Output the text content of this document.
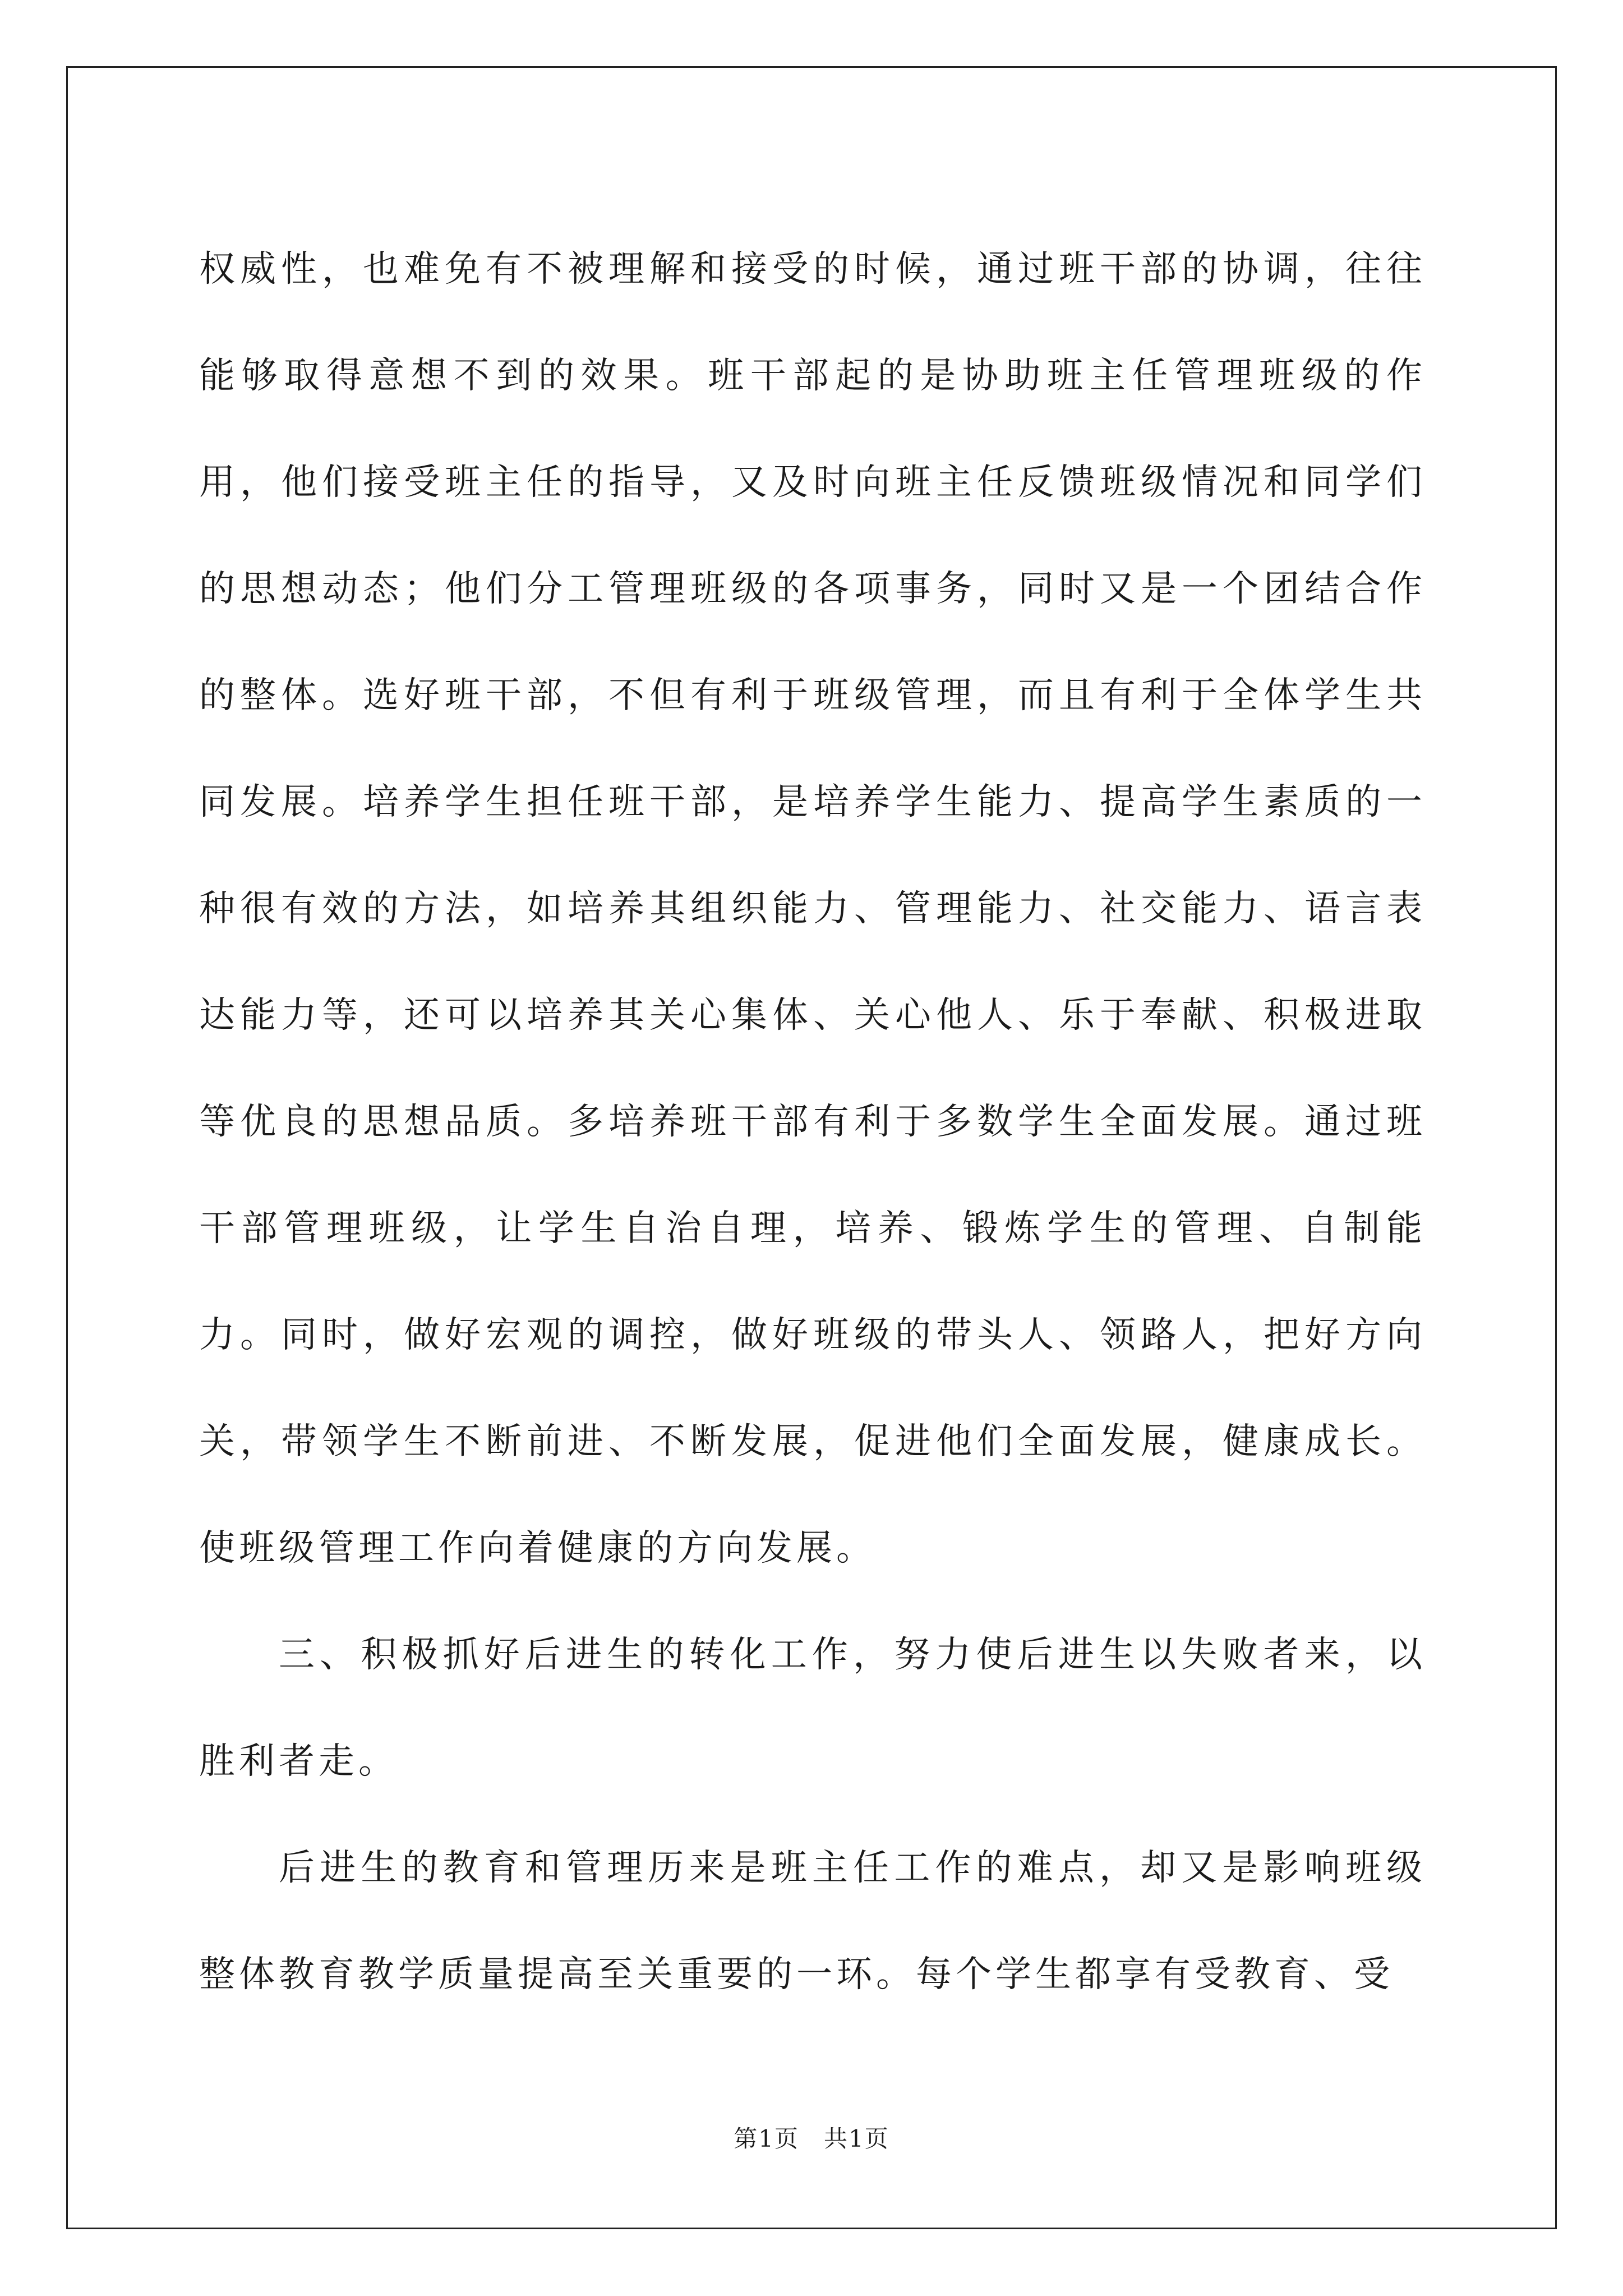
权威性，也难免有不被理解和接受的时候，通过班干部的协调，往往能够取得意想不到的效果。班干部起的是协助班主任管理班级的作用，他们接受班主任的指导，又及时向班主任反馈班级情况和同学们的思想动态；他们分工管理班级的各项事务，同时又是一个团结合作的整体。选好班干部，不但有利于班级管理，而且有利于全体学生共同发展。培养学生担任班干部，是培养学生能力、提高学生素质的一种很有效的方法，如培养其组织能力、管理能力、社交能力、语言表达能力等，还可以培养其关心集体、关心他人、乐于奉献、积极进取等优良的思想品质。多培养班干部有利于多数学生全面发展。通过班干部管理班级，让学生自治自理，培养、锻炼学生的管理、自制能力。同时，做好宏观的调控，做好班级的带头人、领路人，把好方向关，带领学生不断前进、不断发展，促进他们全面发展，健康成长。使班级管理工作向着健康的方向发展。

三、积极抓好后进生的转化工作，努力使后进生以失败者来，以胜利者走。

后进生的教育和管理历来是班主任工作的难点，却又是影响班级整体教育教学质量提高至关重要的一环。每个学生都享有受教育、受

第1页　共1页
